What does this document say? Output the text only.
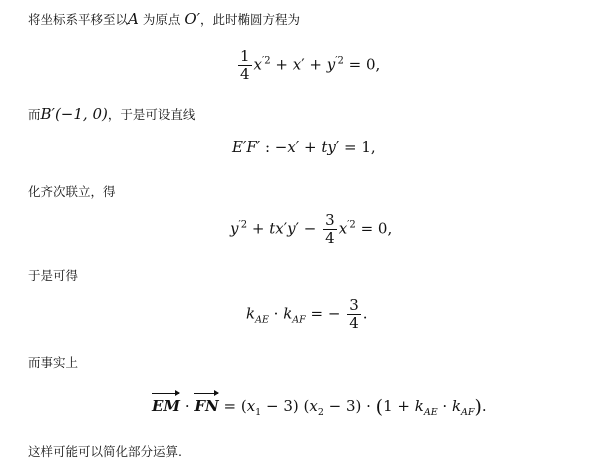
将坐标系平移至以A 为原点 O′，此时椭圆方程为
$\frac{1}{4} x^{'2} + x' + y^{'2} = 0$,
而B′(−1, 0)，于是可设直线
E′F′ : −x′ + ty′ = 1,
化齐次联立，得
$y^{'2} + tx'y' - \frac{3}{4} x^{'2} = 0$,
于是可得
$k_{AE} \cdot k_{AF}$ = − $\frac{3}{4}$ .
而事实上
EM · FN = $(x_1 - 3) (x_2 - 3) \cdot (1 + k_{AE} \cdot k_{AF})$.
这样可能可以简化部分运算.
